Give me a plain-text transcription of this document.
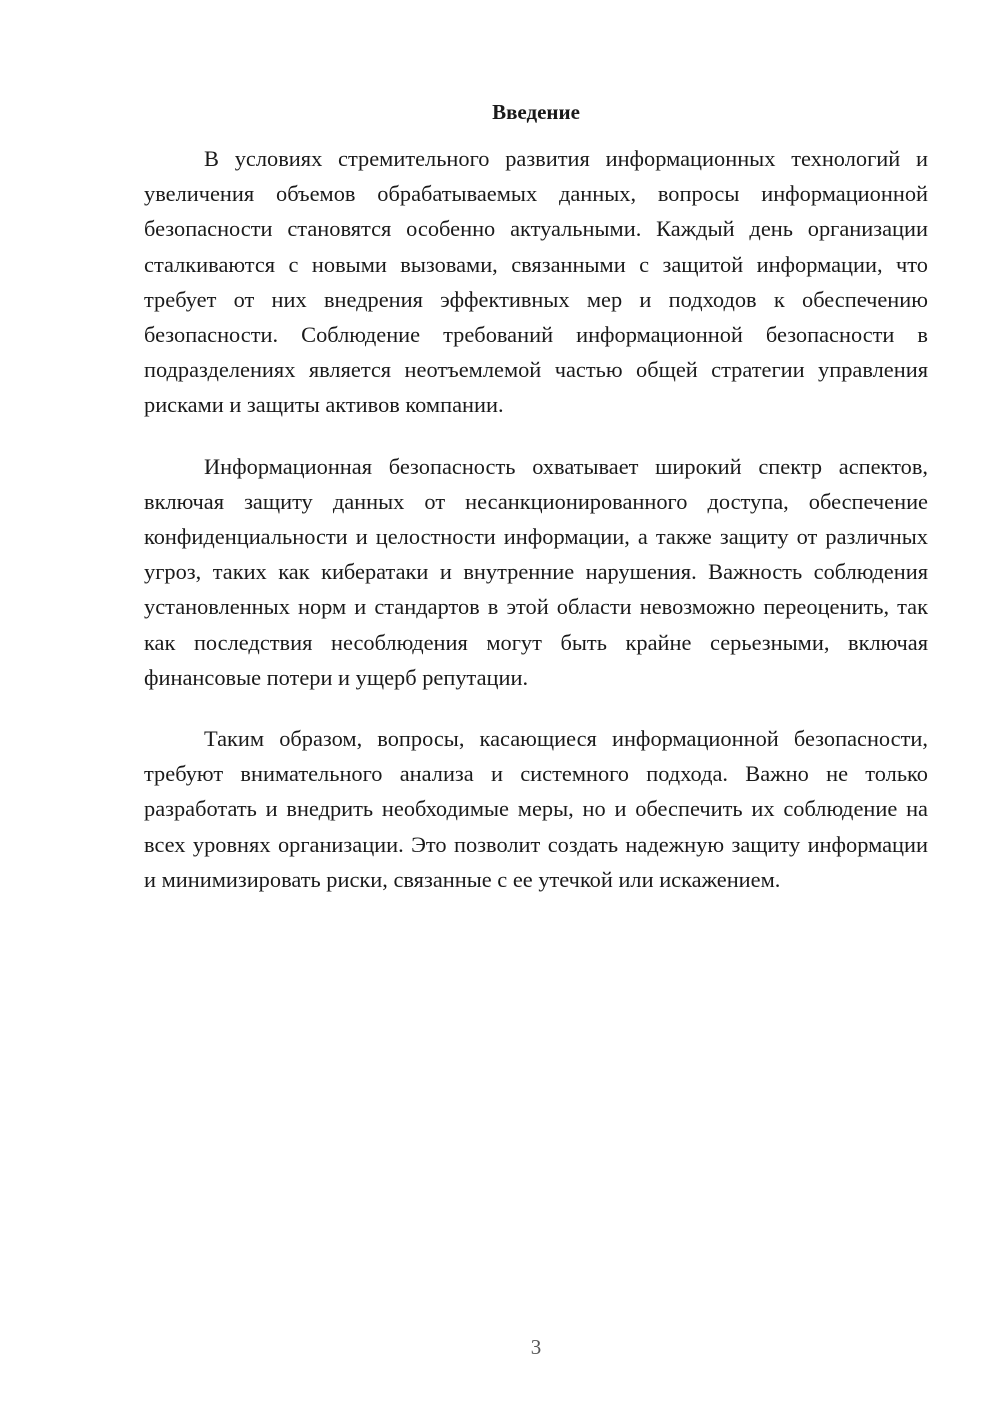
Введение

В условиях стремительного развития информационных технологий и увеличения объемов обрабатываемых данных, вопросы информационной безопасности становятся особенно актуальными. Каждый день организации сталкиваются с новыми вызовами, связанными с защитой информации, что требует от них внедрения эффективных мер и подходов к обеспечению безопасности. Соблюдение требований информационной безопасности в подразделениях является неотъемлемой частью общей стратегии управления рисками и защиты активов компании.

Информационная безопасность охватывает широкий спектр аспектов, включая защиту данных от несанкционированного доступа, обеспечение конфиденциальности и целостности информации, а также защиту от различных угроз, таких как кибератаки и внутренние нарушения. Важность соблюдения установленных норм и стандартов в этой области невозможно переоценить, так как последствия несоблюдения могут быть крайне серьезными, включая финансовые потери и ущерб репутации.

Таким образом, вопросы, касающиеся информационной безопасности, требуют внимательного анализа и системного подхода. Важно не только разработать и внедрить необходимые меры, но и обеспечить их соблюдение на всех уровнях организации. Это позволит создать надежную защиту информации и минимизировать риски, связанные с ее утечкой или искажением.

3
